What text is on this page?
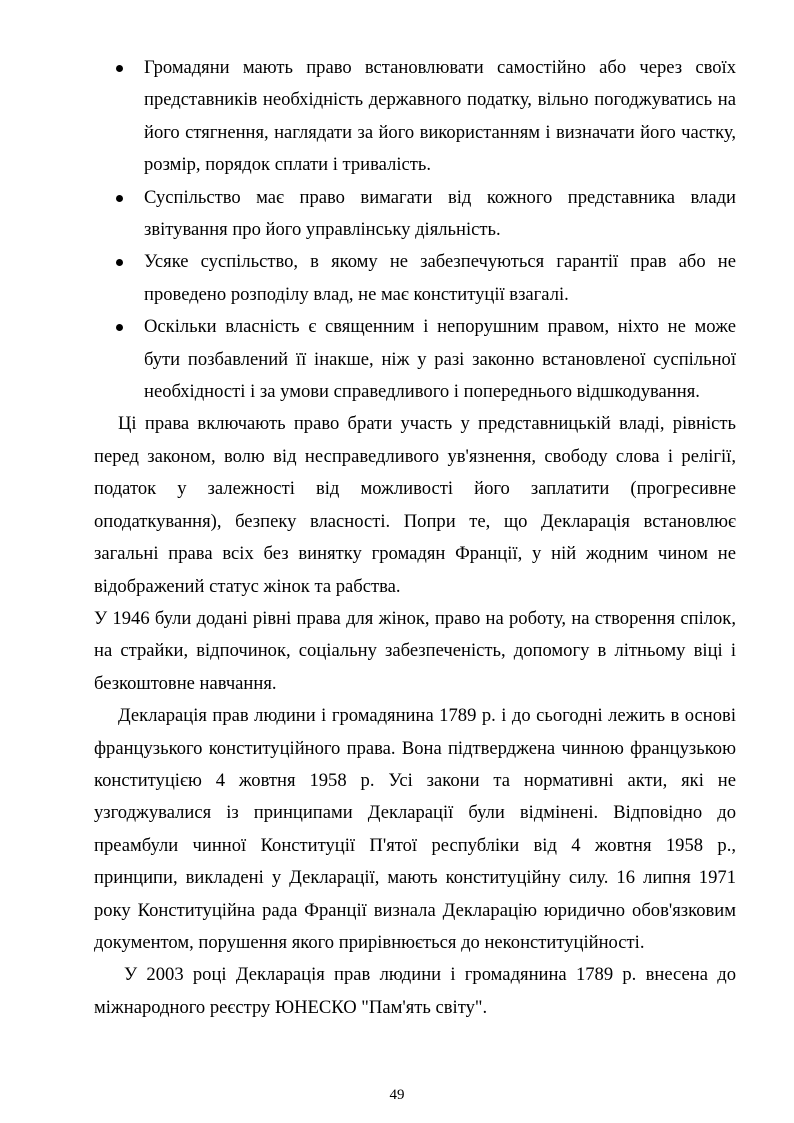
Громадяни мають право встановлювати самостійно або через своїх представників необхідність державного податку, вільно погоджуватись на його стягнення, наглядати за його використанням і визначати його частку, розмір, порядок сплати і тривалість.
Суспільство має право вимагати від кожного представника влади звітування про його управлінську діяльність.
Усяке суспільство, в якому не забезпечуються гарантії прав або не проведено розподілу влад, не має конституції взагалі.
Оскільки власність є священним і непорушним правом, ніхто не може бути позбавлений її інакше, ніж у разі законно встановленої суспільної необхідності і за умови справедливого і попереднього відшкодування.

Ці права включають право брати участь у представницькій владі, рівність перед законом, волю від несправедливого ув'язнення, свободу слова і релігії, податок у залежності від можливості його заплатити (прогресивне оподаткування), безпеку власності. Попри те, що Декларація встановлює загальні права всіх без винятку громадян Франції, у ній жодним чином не відображений статус жінок та рабства.

У 1946 були додані рівні права для жінок, право на роботу, на створення спілок, на страйки, відпочинок, соціальну забезпеченість, допомогу в літньому віці і безкоштовне навчання.

Декларація прав людини і громадянина 1789 р. і до сьогодні лежить в основі французького конституційного права. Вона підтверджена чинною французькою конституцією 4 жовтня 1958 р. Усі закони та нормативні акти, які не узгоджувалися із принципами Декларації були відмінені. Відповідно до преамбули чинної Конституції П'ятої республіки від 4 жовтня 1958 р., принципи, викладені у Декларації, мають конституційну силу. 16 липня 1971 року Конституційна рада Франції визнала Декларацію юридично обов'язковим документом, порушення якого прирівнюється до неконституційності.

У 2003 році Декларація прав людини і громадянина 1789 р. внесена до міжнародного реєстру ЮНЕСКО "Пам'ять світу".

49
